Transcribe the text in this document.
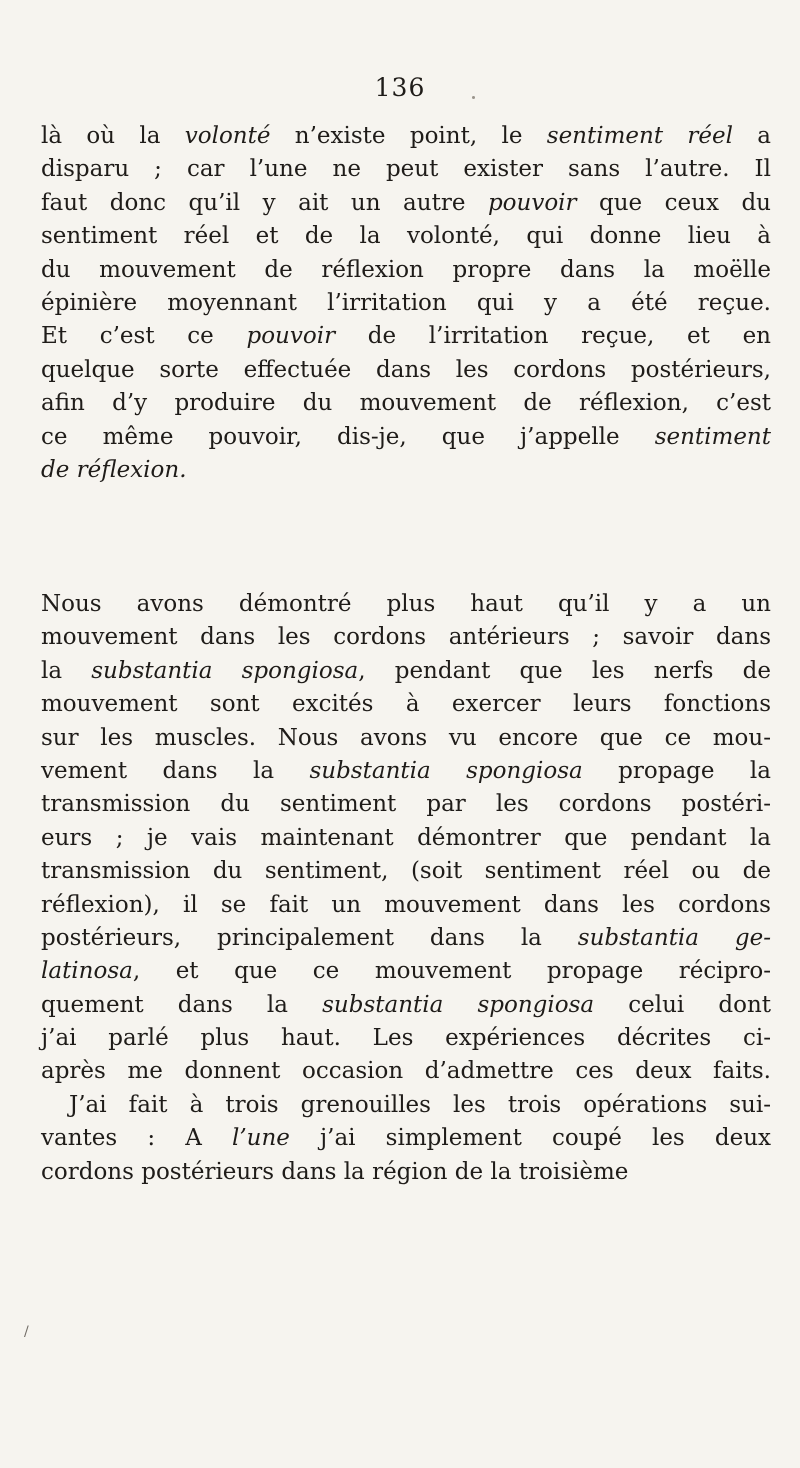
136
là où la volonté n’existe point, le sentiment réel a
disparu ; car l’une ne peut exister sans l’autre. Il
faut donc qu’il y ait un autre pouvoir que ceux du
sentiment réel et de la volonté, qui donne lieu à
du mouvement de réflexion propre dans la moëlle
épinière moyennant l’irritation qui y a été reçue.
Et c’est ce pouvoir de l’irritation reçue, et en
quelque sorte effectuée dans les cordons postérieurs,
afin d’y produire du mouvement de réflexion, c’est
ce même pouvoir, dis-je, que j’appelle sentiment
de réflexion.
Nous avons démontré plus haut qu’il y a un
mouvement dans les cordons antérieurs ; savoir dans
la substantia spongiosa, pendant que les nerfs de
mouvement sont excités à exercer leurs fonctions
sur les muscles. Nous avons vu encore que ce mou-
vement dans la substantia spongiosa propage la
transmission du sentiment par les cordons postéri-
eurs ; je vais maintenant démontrer que pendant la
transmission du sentiment, (soit sentiment réel ou de
réflexion), il se fait un mouvement dans les cordons
postérieurs, principalement dans la substantia ge-
latinosa, et que ce mouvement propage récipro-
quement dans la substantia spongiosa celui dont
j’ai parlé plus haut. Les expériences décrites ci-
après me donnent occasion d’admettre ces deux faits.
J’ai fait à trois grenouilles les trois opérations sui-
vantes : A l’une j’ai simplement coupé les deux
cordons postérieurs dans la région de la troisième
/
